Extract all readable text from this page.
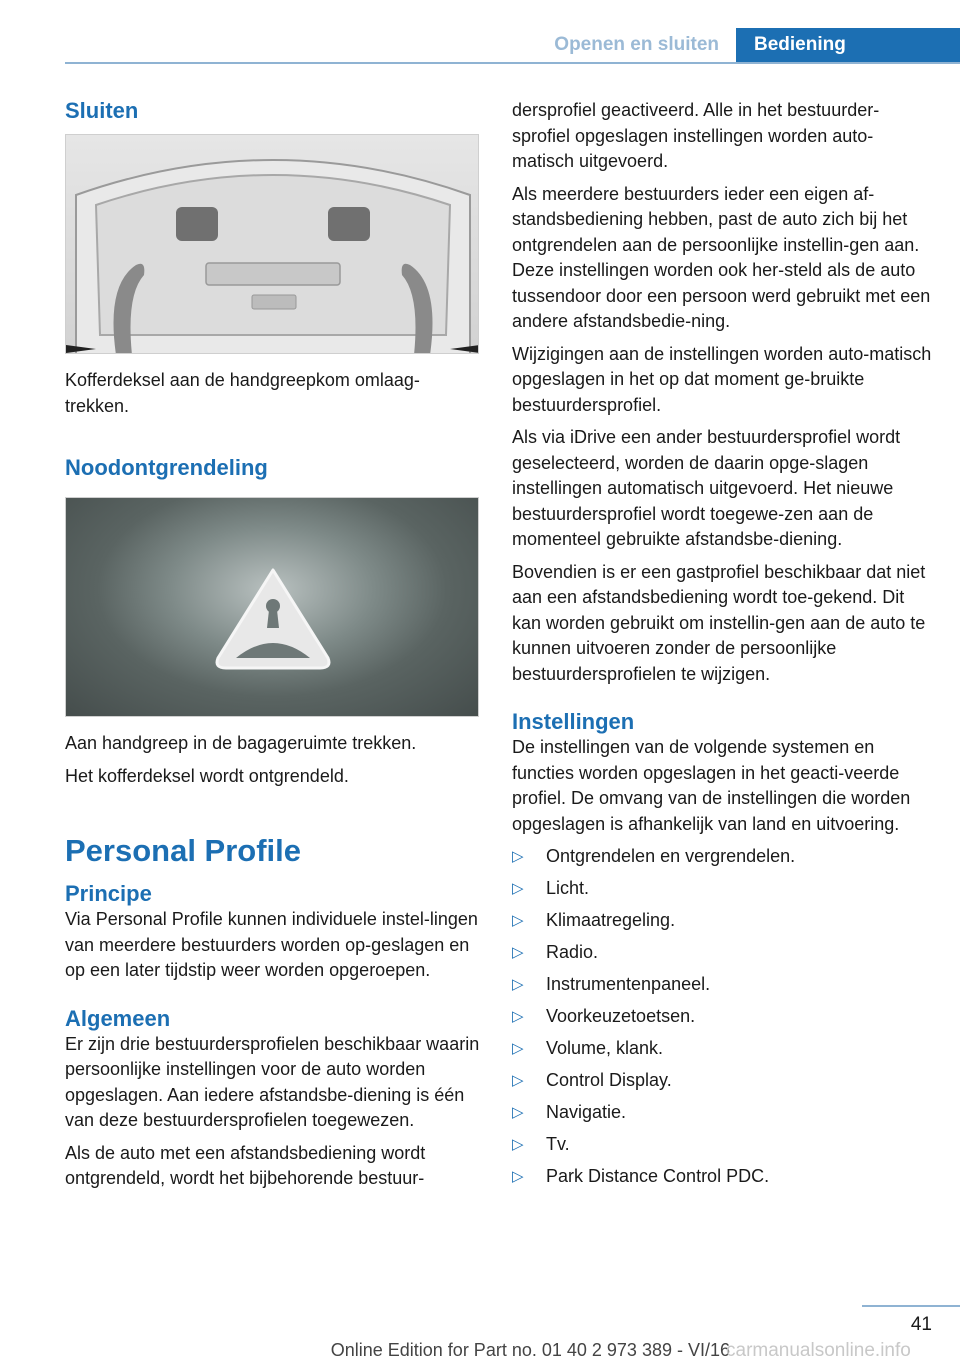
Openen en sluiten	Bediening
Sluiten
Kofferdeksel aan de handgreepkom omlaag-trekken.
Noodontgrendeling
Aan handgreep in de bagageruimte trekken.
Het kofferdeksel wordt ontgrendeld.
Personal Profile
Principe
Via Personal Profile kunnen individuele instel-lingen van meerdere bestuurders worden op-geslagen en op een later tijdstip weer worden opgeroepen.
Algemeen
Er zijn drie bestuurdersprofielen beschikbaar waarin persoonlijke instellingen voor de auto worden opgeslagen. Aan iedere afstandsbe-diening is één van deze bestuurdersprofielen toegewezen.
Als de auto met een afstandsbediening wordt ontgrendeld, wordt het bijbehorende bestuur-
dersprofiel geactiveerd. Alle in het bestuurder-sprofiel opgeslagen instellingen worden auto-matisch uitgevoerd.
Als meerdere bestuurders ieder een eigen af-standsbediening hebben, past de auto zich bij het ontgrendelen aan de persoonlijke instellin-gen aan. Deze instellingen worden ook her-steld als de auto tussendoor door een persoon werd gebruikt met een andere afstandsbedie-ning.
Wijzigingen aan de instellingen worden auto-matisch opgeslagen in het op dat moment ge-bruikte bestuurdersprofiel.
Als via iDrive een ander bestuurdersprofiel wordt geselecteerd, worden de daarin opge-slagen instellingen automatisch uitgevoerd. Het nieuwe bestuurdersprofiel wordt toegewe-zen aan de momenteel gebruikte afstandsbe-diening.
Bovendien is er een gastprofiel beschikbaar dat niet aan een afstandsbediening wordt toe-gekend. Dit kan worden gebruikt om instellin-gen aan de auto te kunnen uitvoeren zonder de persoonlijke bestuurdersprofielen te wijzigen.
Instellingen
De instellingen van de volgende systemen en functies worden opgeslagen in het geacti-veerde profiel. De omvang van de instellingen die worden opgeslagen is afhankelijk van land en uitvoering.
▷ Ontgrendelen en vergrendelen.
▷ Licht.
▷ Klimaatregeling.
▷ Radio.
▷ Instrumentenpaneel.
▷ Voorkeuzetoetsen.
▷ Volume, klank.
▷ Control Display.
▷ Navigatie.
▷ Tv.
▷ Park Distance Control PDC.
41
Online Edition for Part no. 01 40 2 973 389 - VI/16
carmanualsonline.info
